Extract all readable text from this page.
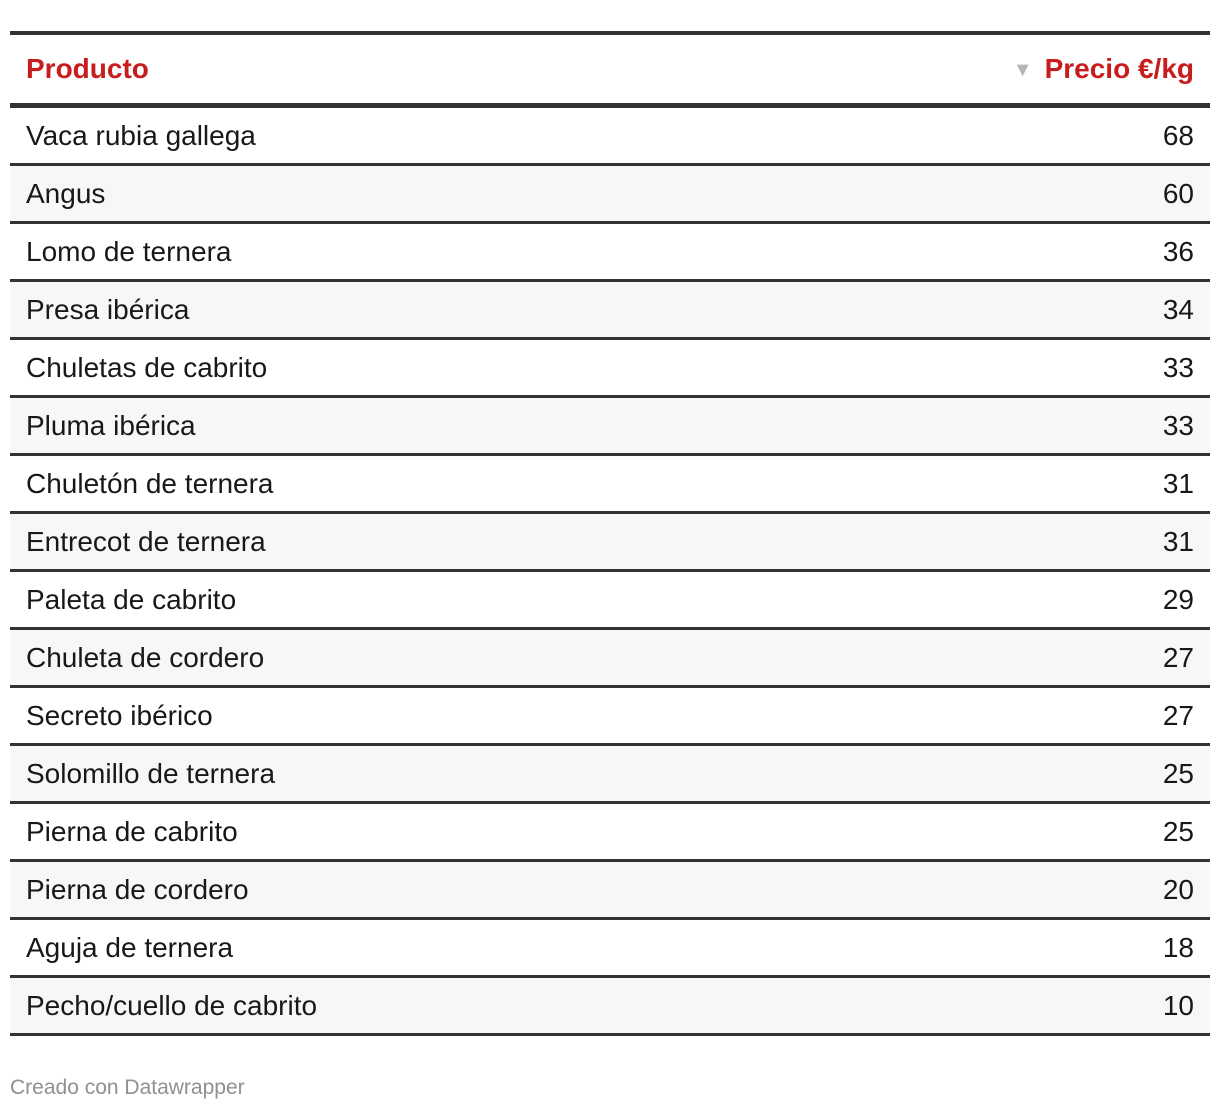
Producto	▼ Precio €/kg
Vaca rubia gallega	68
Angus	60
Lomo de ternera	36
Presa ibérica	34
Chuletas de cabrito	33
Pluma ibérica	33
Chuletón de ternera	31
Entrecot de ternera	31
Paleta de cabrito	29
Chuleta de cordero	27
Secreto ibérico	27
Solomillo de ternera	25
Pierna de cabrito	25
Pierna de cordero	20
Aguja de ternera	18
Pecho/cuello de cabrito	10
Creado con Datawrapper
